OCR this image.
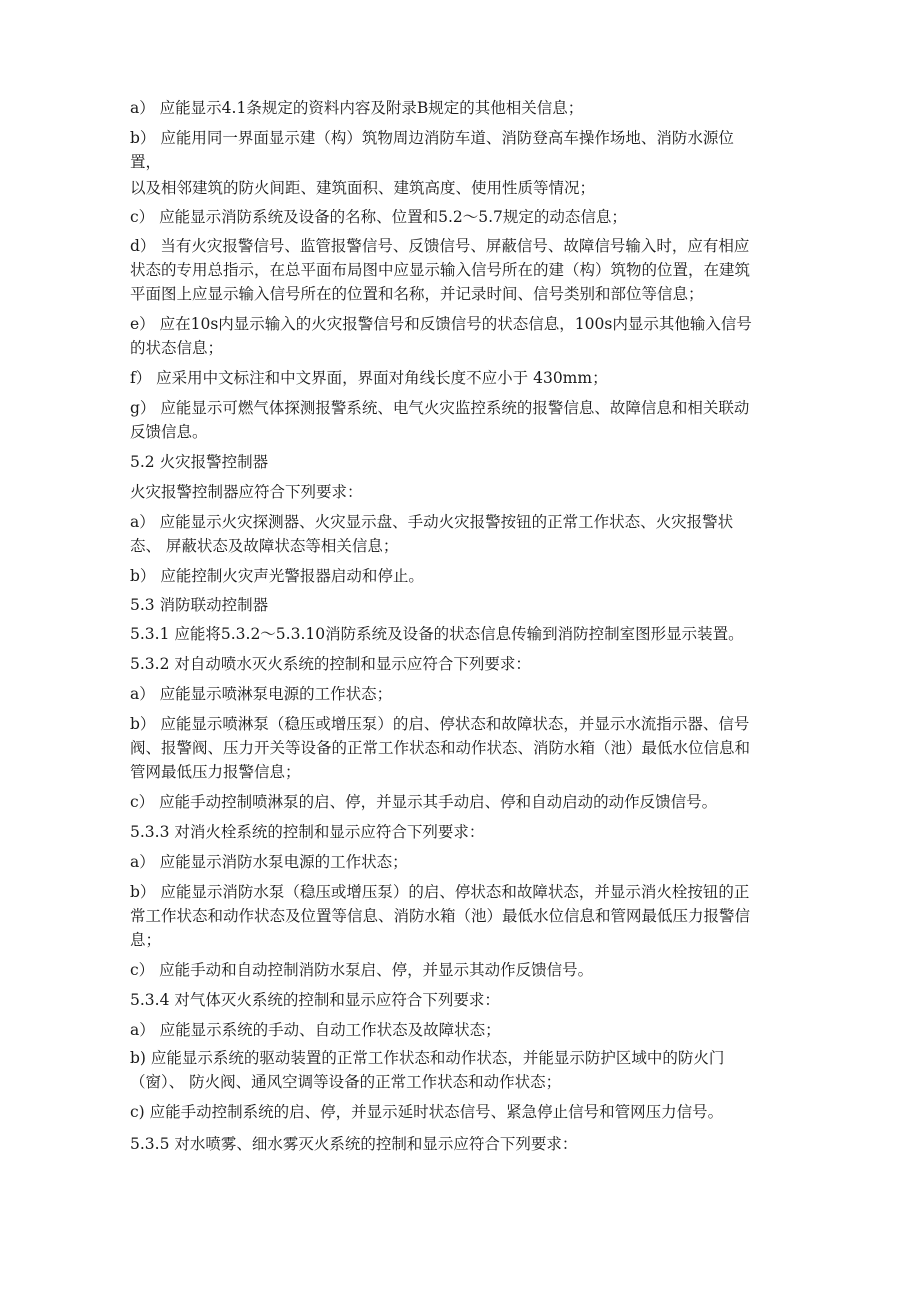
a） 应能显示4.1条规定的资料内容及附录B规定的其他相关信息；
b） 应能用同一界面显示建（构）筑物周边消防车道、消防登高车操作场地、消防水源位
置，
以及相邻建筑的防火间距、建筑面积、建筑高度、使用性质等情况；
c） 应能显示消防系统及设备的名称、位置和5.2～5.7规定的动态信息；
d） 当有火灾报警信号、监管报警信号、反馈信号、屏蔽信号、故障信号输入时，应有相应
状态的专用总指示，在总平面布局图中应显示输入信号所在的建（构）筑物的位置，在建筑
平面图上应显示输入信号所在的位置和名称，并记录时间、信号类别和部位等信息；
e） 应在10s内显示输入的火灾报警信号和反馈信号的状态信息，100s内显示其他输入信号
的状态信息；
f） 应采用中文标注和中文界面，界面对角线长度不应小于 430mm；
g） 应能显示可燃气体探测报警系统、电气火灾监控系统的报警信息、故障信息和相关联动
反馈信息。
5.2 火灾报警控制器
火灾报警控制器应符合下列要求：
a） 应能显示火灾探测器、火灾显示盘、手动火灾报警按钮的正常工作状态、火灾报警状
态、 屏蔽状态及故障状态等相关信息；
b） 应能控制火灾声光警报器启动和停止。
5.3 消防联动控制器
5.3.1 应能将5.3.2～5.3.10消防系统及设备的状态信息传输到消防控制室图形显示装置。
5.3.2 对自动喷水灭火系统的控制和显示应符合下列要求：
a） 应能显示喷淋泵电源的工作状态；
b） 应能显示喷淋泵（稳压或增压泵）的启、停状态和故障状态，并显示水流指示器、信号
阀、报警阀、压力开关等设备的正常工作状态和动作状态、消防水箱（池）最低水位信息和
管网最低压力报警信息；
c） 应能手动控制喷淋泵的启、停，并显示其手动启、停和自动启动的动作反馈信号。
5.3.3 对消火栓系统的控制和显示应符合下列要求：
a） 应能显示消防水泵电源的工作状态；
b） 应能显示消防水泵（稳压或增压泵）的启、停状态和故障状态，并显示消火栓按钮的正
常工作状态和动作状态及位置等信息、消防水箱（池）最低水位信息和管网最低压力报警信
息；
c） 应能手动和自动控制消防水泵启、停，并显示其动作反馈信号。
5.3.4 对气体灭火系统的控制和显示应符合下列要求：
a） 应能显示系统的手动、自动工作状态及故障状态；
b) 应能显示系统的驱动装置的正常工作状态和动作状态，并能显示防护区域中的防火门
（窗）、 防火阀、通风空调等设备的正常工作状态和动作状态；
c) 应能手动控制系统的启、停，并显示延时状态信号、紧急停止信号和管网压力信号。
5.3.5 对水喷雾、细水雾灭火系统的控制和显示应符合下列要求：
